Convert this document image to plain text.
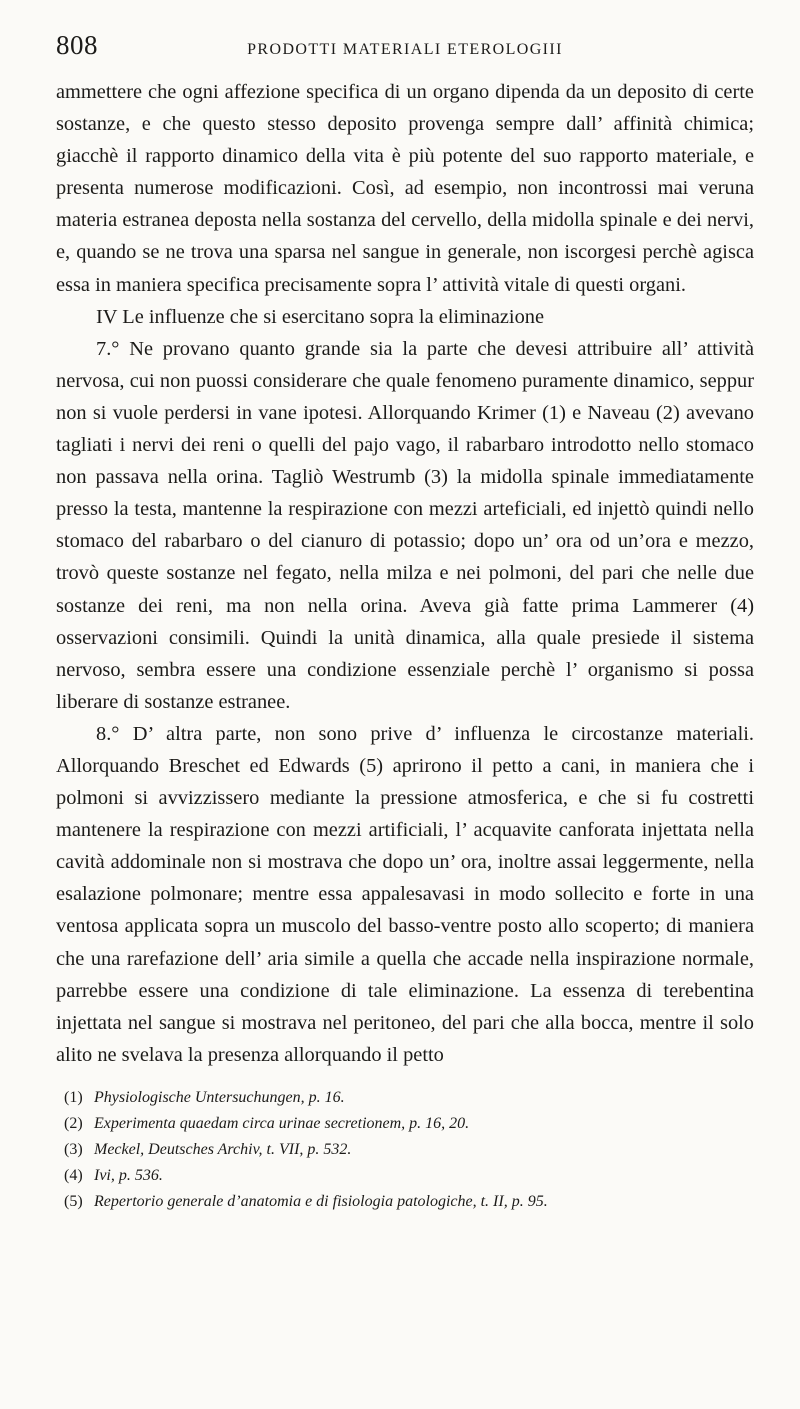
808	PRODOTTI MATERIALI ETEROLOGIII

ammettere che ogni affezione specifica di un organo dipenda da un deposito di certe sostanze, e che questo stesso deposito provenga sempre dall’ affinità chimica; giacchè il rapporto dinamico della vita è più potente del suo rapporto materiale, e presenta numerose modificazioni. Così, ad esempio, non incontrossi mai veruna materia estranea deposta nella sostanza del cervello, della midolla spinale e dei nervi, e, quando se ne trova una sparsa nel sangue in generale, non iscorgesi perchè agisca essa in maniera specifica precisamente sopra l’ attività vitale di questi organi.

IV Le influenze che si esercitano sopra la eliminazione

7.° Ne provano quanto grande sia la parte che devesi attribuire all’ attività nervosa, cui non puossi considerare che quale fenomeno puramente dinamico, seppur non si vuole perdersi in vane ipotesi. Allorquando Krimer (1) e Naveau (2) avevano tagliati i nervi dei reni o quelli del pajo vago, il rabarbaro introdotto nello stomaco non passava nella orina. Tagliò Westrumb (3) la midolla spinale immediatamente presso la testa, mantenne la respirazione con mezzi arteficiali, ed injettò quindi nello stomaco del rabarbaro o del cianuro di potassio; dopo un’ ora od un’ora e mezzo, trovò queste sostanze nel fegato, nella milza e nei polmoni, del pari che nelle due sostanze dei reni, ma non nella orina. Aveva già fatte prima Lammerer (4) osservazioni consimili. Quindi la unità dinamica, alla quale presiede il sistema nervoso, sembra essere una condizione essenziale perchè l’ organismo si possa liberare di sostanze estranee.

8.° D’ altra parte, non sono prive d’ influenza le circostanze materiali. Allorquando Breschet ed Edwards (5) aprirono il petto a cani, in maniera che i polmoni si avvizzissero mediante la pressione atmosferica, e che si fu costretti mantenere la respirazione con mezzi artificiali, l’ acquavite canforata injettata nella cavità addominale non si mostrava che dopo un’ ora, inoltre assai leggermente, nella esalazione polmonare; mentre essa appalesavasi in modo sollecito e forte in una ventosa applicata sopra un muscolo del basso-ventre posto allo scoperto; di maniera che una rarefazione dell’ aria simile a quella che accade nella inspirazione normale, parrebbe essere una condizione di tale eliminazione. La essenza di terebentina injettata nel sangue si mostrava nel peritoneo, del pari che alla bocca, mentre il solo alito ne svelava la presenza allorquando il petto

(1) Physiologische Untersuchungen, p. 16.

(2) Experimenta quaedam circa urinae secretionem, p. 16, 20.

(3) Meckel, Deutsches Archiv, t. VII, p. 532.

(4) Ivi, p. 536.

(5) Repertorio generale d’anatomia e di fisiologia patologiche, t. II, p. 95.
